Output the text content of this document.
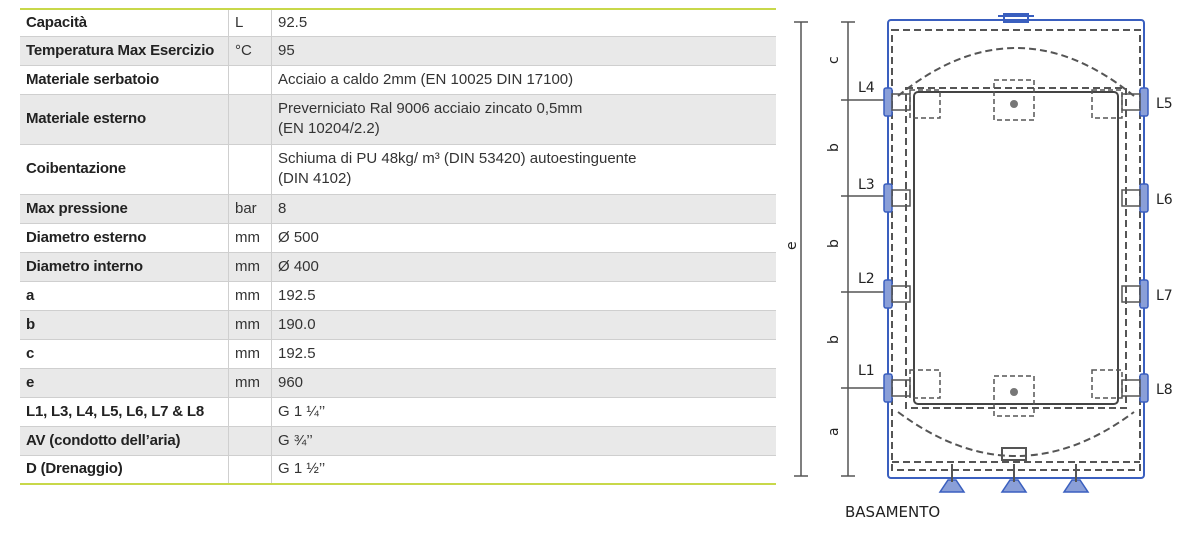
Capacità	L	92.5
Temperatura Max Esercizio	°C	95
Materiale serbatoio		Acciaio a caldo 2mm (EN 10025 DIN 17100)
Materiale esterno		Preverniciato Ral 9006 acciaio zincato 0,5mm
(EN 10204/2.2)

Coibentazione		Schiuma di PU 48kg/ m³ (DIN 53420) autoestinguente
(DIN 4102)

Max pressione	bar	8
Diametro esterno	mm	Ø 500
Diametro interno	mm	Ø 400
a	mm	192.5
b	mm	190.0
c	mm	192.5
e	mm	960
L1, L3, L4, L5, L6, L7 & L8		G 1 ¼’’
AV (condotto dell’aria)		G ¾’’
D (Drenaggio)		G 1 ½’’
e
c
b
b
b
a
L4
L3
L2
L1
L5
L6
L7
L8
BASAMENTO
